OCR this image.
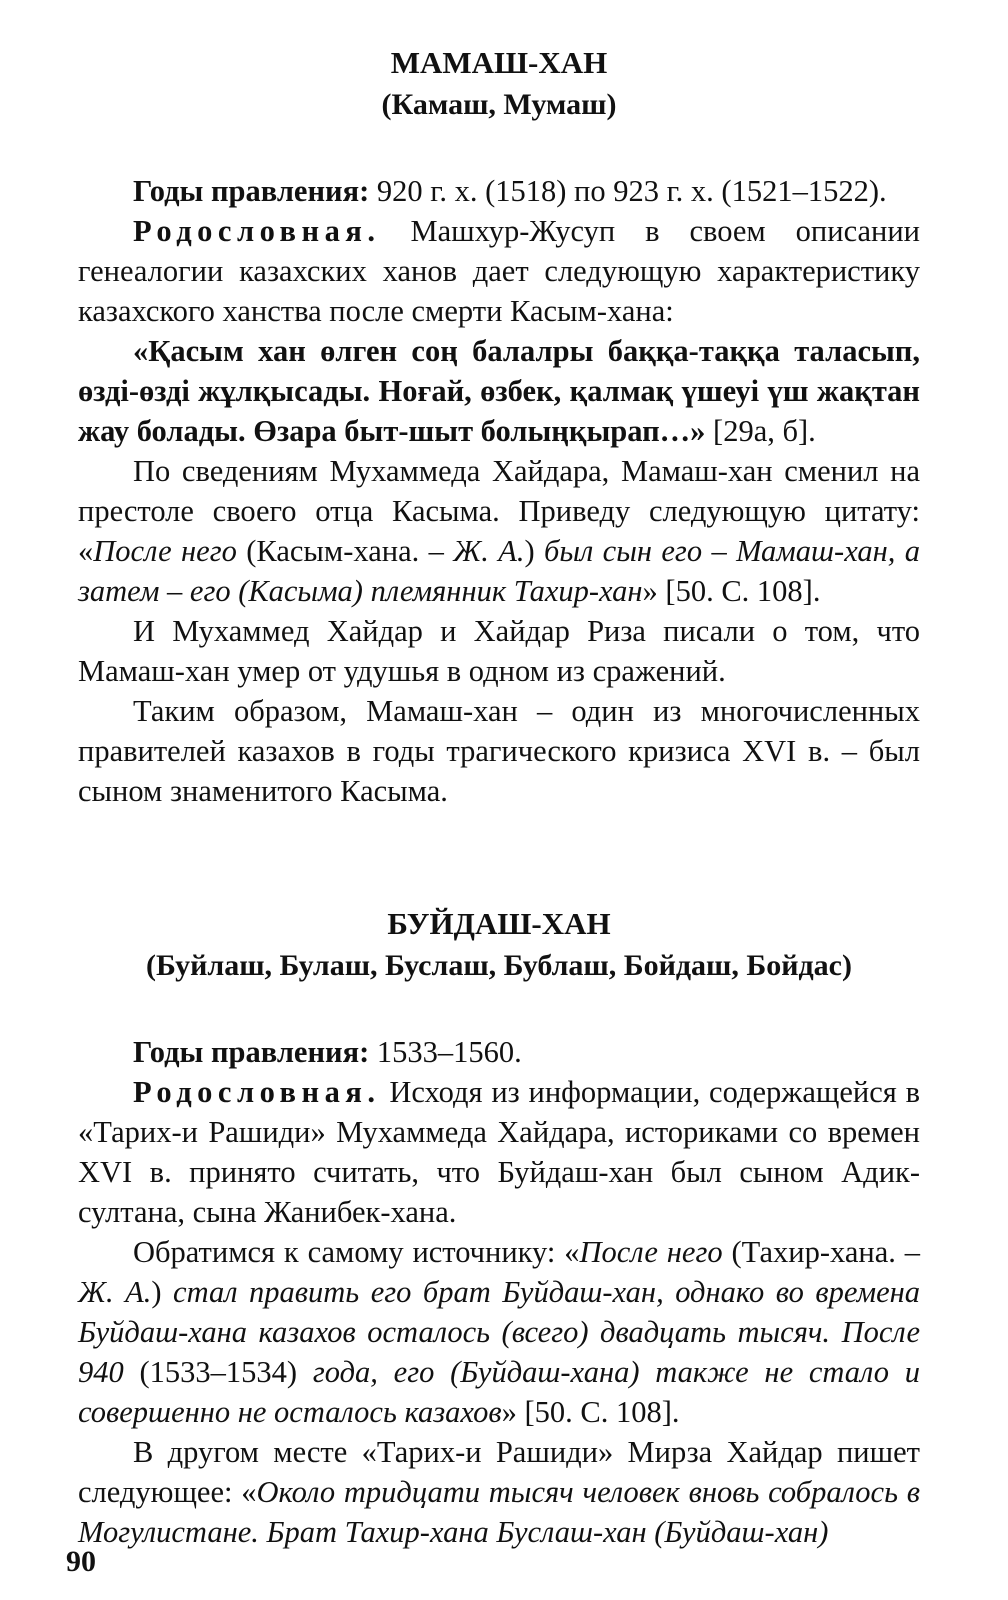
МАМАШ-ХАН
(Камаш, Мумаш)

Годы правления: 920 г. х. (1518) по 923 г. х. (1521–1522).

Родословная. Машхур-Жусуп в своем описании генеалогии казахских ханов дает следующую характеристику казахского ханства после смерти Касым-хана:

«Қасым хан өлген соң балалры баққа-таққа таласып, өзді-өзді жұлқысады. Ноғай, өзбек, қалмақ үшеуі үш жақтан жау болады. Өзара быт-шыт болыңқырап…» [29а, б].

По сведениям Мухаммеда Хайдара, Мамаш-хан сменил на престоле своего отца Касыма. Приведу следующую цитату: «После него (Касым-хана. – Ж. А.) был сын его – Мамаш-хан, а затем – его (Касыма) племянник Тахир-хан» [50. С. 108].

И Мухаммед Хайдар и Хайдар Риза писали о том, что Мамаш-хан умер от удушья в одном из сражений.

Таким образом, Мамаш-хан – один из многочисленных правителей казахов в годы трагического кризиса XVI в. – был сыном знаменитого Касыма.

БУЙДАШ-ХАН
(Буйлаш, Булаш, Буслаш, Бублаш, Бойдаш, Бойдас)

Годы правления: 1533–1560.

Родословная. Исходя из информации, содержащейся в «Тарих-и Рашиди» Мухаммеда Хайдара, историками со времен XVI в. принято считать, что Буйдаш-хан был сыном Адик-султана, сына Жанибек-хана.

Обратимся к самому источнику: «После него (Тахир-хана. – Ж. А.) стал править его брат Буйдаш-хан, однако во времена Буйдаш-хана казахов осталось (всего) двадцать тысяч. После 940 (1533–1534) года, его (Буйдаш-хана) также не стало и совершенно не осталось казахов» [50. С. 108].

В другом месте «Тарих-и Рашиди» Мирза Хайдар пишет следующее: «Около тридцати тысяч человек вновь собралось в Могулистане. Брат Тахир-хана Буслаш-хан (Буйдаш-хан)

90
